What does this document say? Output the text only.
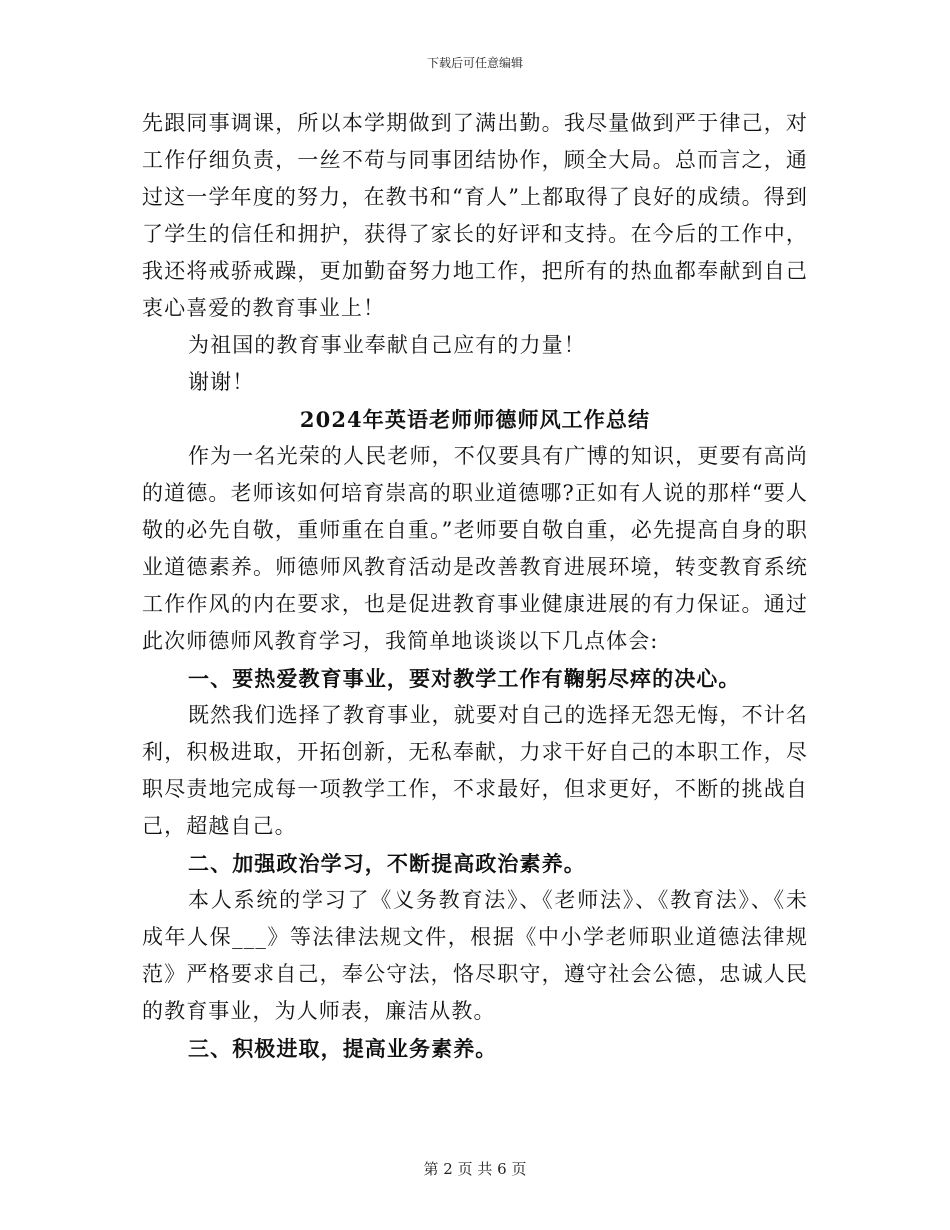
下载后可任意编辑

先跟同事调课，所以本学期做到了满出勤。我尽量做到严于律己，对工作仔细负责，一丝不苟与同事团结协作，顾全大局。总而言之，通过这一学年度的努力，在教书和“育人”上都取得了良好的成绩。得到了学生的信任和拥护，获得了家长的好评和支持。在今后的工作中，我还将戒骄戒躁，更加勤奋努力地工作，把所有的热血都奉献到自己衷心喜爱的教育事业上！

为祖国的教育事业奉献自己应有的力量！

谢谢！

2024年英语老师师德师风工作总结

作为一名光荣的人民老师，不仅要具有广博的知识，更要有高尚的道德。老师该如何培育崇高的职业道德哪?正如有人说的那样“要人敬的必先自敬，重师重在自重。”老师要自敬自重，必先提高自身的职业道德素养。师德师风教育活动是改善教育进展环境，转变教育系统工作作风的内在要求，也是促进教育事业健康进展的有力保证。通过此次师德师风教育学习，我简单地谈谈以下几点体会:

一、要热爱教育事业，要对教学工作有鞠躬尽瘁的决心。

既然我们选择了教育事业，就要对自己的选择无怨无悔，不计名利，积极进取，开拓创新，无私奉献，力求干好自己的本职工作，尽职尽责地完成每一项教学工作，不求最好，但求更好，不断的挑战自己，超越自己。

二、加强政治学习，不断提高政治素养。

本人系统的学习了《义务教育法》、《老师法》、《教育法》、《未成年人保___》等法律法规文件，根据《中小学老师职业道德法律规范》严格要求自己，奉公守法，恪尽职守，遵守社会公德，忠诚人民的教育事业，为人师表，廉洁从教。

三、积极进取，提高业务素养。

第 2 页 共 6 页
